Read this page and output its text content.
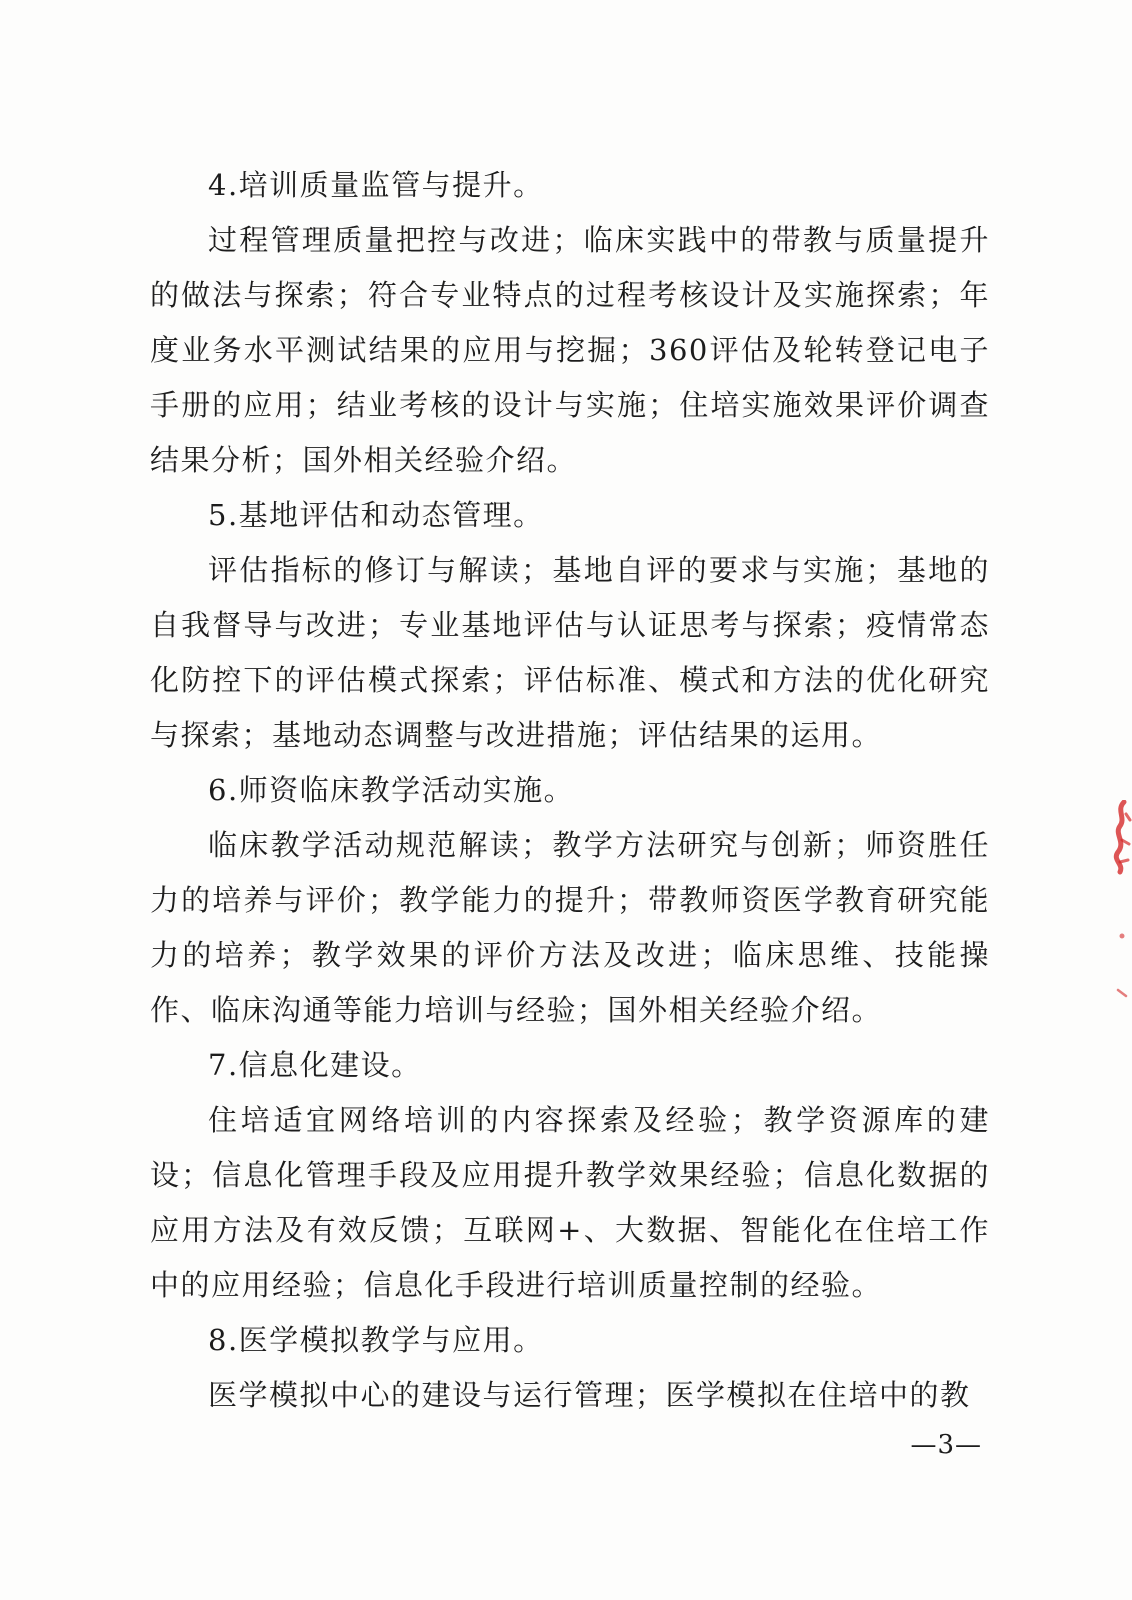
4.培训质量监管与提升。

过程管理质量把控与改进；临床实践中的带教与质量提升的做法与探索；符合专业特点的过程考核设计及实施探索；年度业务水平测试结果的应用与挖掘；360评估及轮转登记电子手册的应用；结业考核的设计与实施；住培实施效果评价调查结果分析；国外相关经验介绍。

5.基地评估和动态管理。

评估指标的修订与解读；基地自评的要求与实施；基地的自我督导与改进；专业基地评估与认证思考与探索；疫情常态化防控下的评估模式探索；评估标准、模式和方法的优化研究与探索；基地动态调整与改进措施；评估结果的运用。

6.师资临床教学活动实施。

临床教学活动规范解读；教学方法研究与创新；师资胜任力的培养与评价；教学能力的提升；带教师资医学教育研究能力的培养；教学效果的评价方法及改进；临床思维、技能操作、临床沟通等能力培训与经验；国外相关经验介绍。

7.信息化建设。

住培适宜网络培训的内容探索及经验；教学资源库的建设；信息化管理手段及应用提升教学效果经验；信息化数据的应用方法及有效反馈；互联网+、大数据、智能化在住培工作中的应用经验；信息化手段进行培训质量控制的经验。

8.医学模拟教学与应用。

医学模拟中心的建设与运行管理；医学模拟在住培中的教

—3—
